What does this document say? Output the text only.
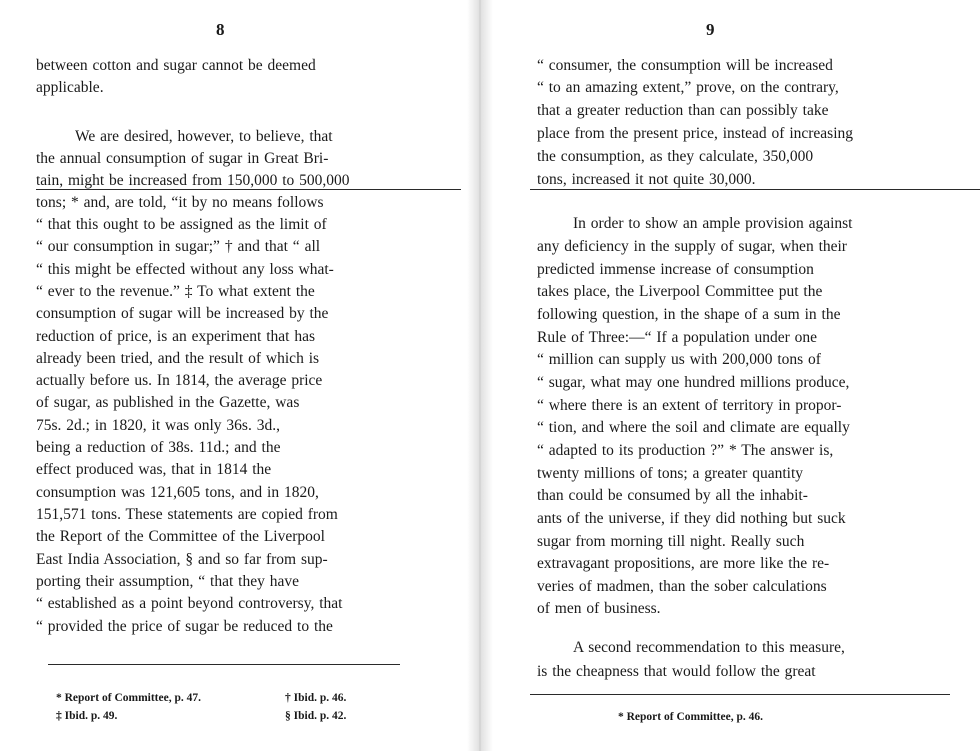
8
between cotton and sugar cannot be deemed
applicable.
We are desired, however, to believe, that
the annual consumption of sugar in Great Bri-
tain, might be increased from 150,000 to 500,000
tons; * and, are told, “it by no means follows
“ that this ought to be assigned as the limit of
“ our consumption in sugar;” † and that “ all
“ this might be effected without any loss what-
“ ever to the revenue.” ‡ To what extent the
consumption of sugar will be increased by the
reduction of price, is an experiment that has
already been tried, and the result of which is
actually before us. In 1814, the average price
of sugar, as published in the Gazette, was
75s. 2d.; in 1820, it was only 36s. 3d.,
being a reduction of 38s. 11d.; and the
effect produced was, that in 1814 the
consumption was 121,605 tons, and in 1820,
151,571 tons. These statements are copied from
the Report of the Committee of the Liverpool
East India Association, § and so far from sup-
porting their assumption, “ that they have
“ established as a point beyond controversy, that
“ provided the price of sugar be reduced to the
* Report of Committee, p. 47.	† Ibid. p. 46.
‡ Ibid. p. 49.	§ Ibid. p. 42.
9
“ consumer, the consumption will be increased
“ to an amazing extent,” prove, on the contrary,
that a greater reduction than can possibly take
place from the present price, instead of increasing
the consumption, as they calculate, 350,000
tons, increased it not quite 30,000.
In order to show an ample provision against
any deficiency in the supply of sugar, when their
predicted immense increase of consumption
takes place, the Liverpool Committee put the
following question, in the shape of a sum in the
Rule of Three:—“ If a population under one
“ million can supply us with 200,000 tons of
“ sugar, what may one hundred millions produce,
“ where there is an extent of territory in propor-
“ tion, and where the soil and climate are equally
“ adapted to its production ?” * The answer is,
twenty millions of tons; a greater quantity
than could be consumed by all the inhabit-
ants of the universe, if they did nothing but suck
sugar from morning till night. Really such
extravagant propositions, are more like the re-
veries of madmen, than the sober calculations
of men of business.
A second recommendation to this measure,
is the cheapness that would follow the great
* Report of Committee, p. 46.
